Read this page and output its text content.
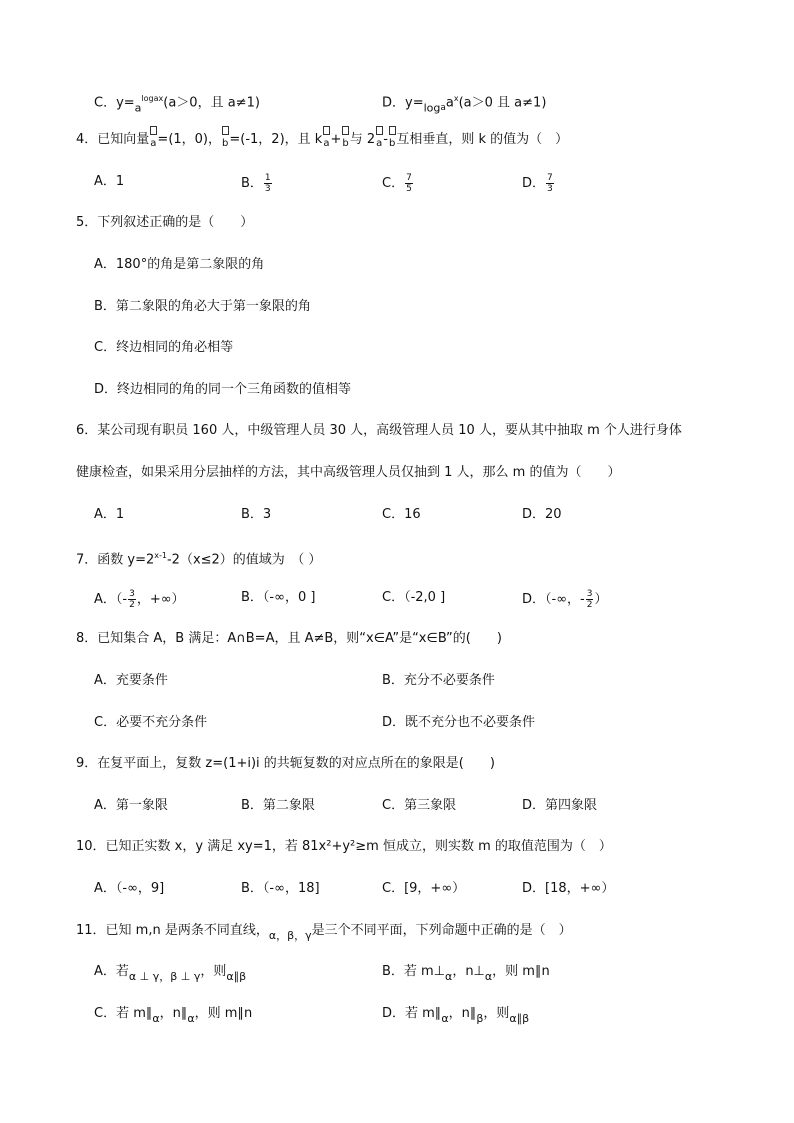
C．$y=_a^{logax}(a>0$，且 a≠1)	D．$y=_{loga}a^x(a>0$ 且 a≠1)
4．已知向量
a=(1，0)，
b=(-1，2)，且 k
a+
b与 2
a-
b互相垂直，则 k 的值为（　）
A．1	B． $\frac{1}{3}$	C． $\frac{7}{5}$	D． $\frac{7}{3}$
5．下列叙述正确的是（　　）
A．180°的角是第二象限的角
B．第二象限的角必大于第一象限的角
C．终边相同的角必相等
D．终边相同的角的同一个三角函数的值相等
6．某公司现有职员 160 人，中级管理人员 30 人，高级管理人员 10 人，要从其中抽取 m 个人进行身体
健康检查，如果采用分层抽样的方法，其中高级管理人员仅抽到 1 人，那么 m 的值为（　　）
A．1	B．3	C．16	D．20
7．函数 $y=2^{x-1}-2(x\le 2)$的值域为　（ ）
A．（- $\frac{3}{2}$ ，+∞）	B．（-∞，0 ]	C．（-2,0 ]	D．（-∞，- $\frac{3}{2}$ ）
8．已知集合 A，B 满足：A∩B=A，且 A≠B，则“x∈A”是“x∈B”的(　　)
A．充要条件	B．充分不必要条件
C．必要不充分条件	D．既不充分也不必要条件
9．在复平面上，复数 z=(1+i)i 的共轭复数的对应点所在的象限是(　　)
A．第一象限	B．第二象限	C．第三象限	D．第四象限
10．已知正实数 x，y 满足 xy=1，若 81x²+y²≥m 恒成立，则实数 m 的取值范围为（　）
A．（-∞，9]	B．（-∞，18]	C．[9，+∞）	D．[18，+∞）
11．已知 m,n 是两条不同直线，$_{\alpha,\beta,\gamma}$是三个不同平面，下列命题中正确的是（　）
A．若$_{\alpha \perp \gamma,\beta \perp \gamma}$，则$_{\alpha\parallel\beta}$	B．若 $m\perp_\alpha$，$n\perp_\alpha$，则 m∥n
C．若 $m\parallel_\alpha$，$n\parallel_\alpha$，则 m∥n	D．若 $m\parallel_\alpha$，$n\parallel_\beta$，则$_{\alpha\parallel\beta}$
